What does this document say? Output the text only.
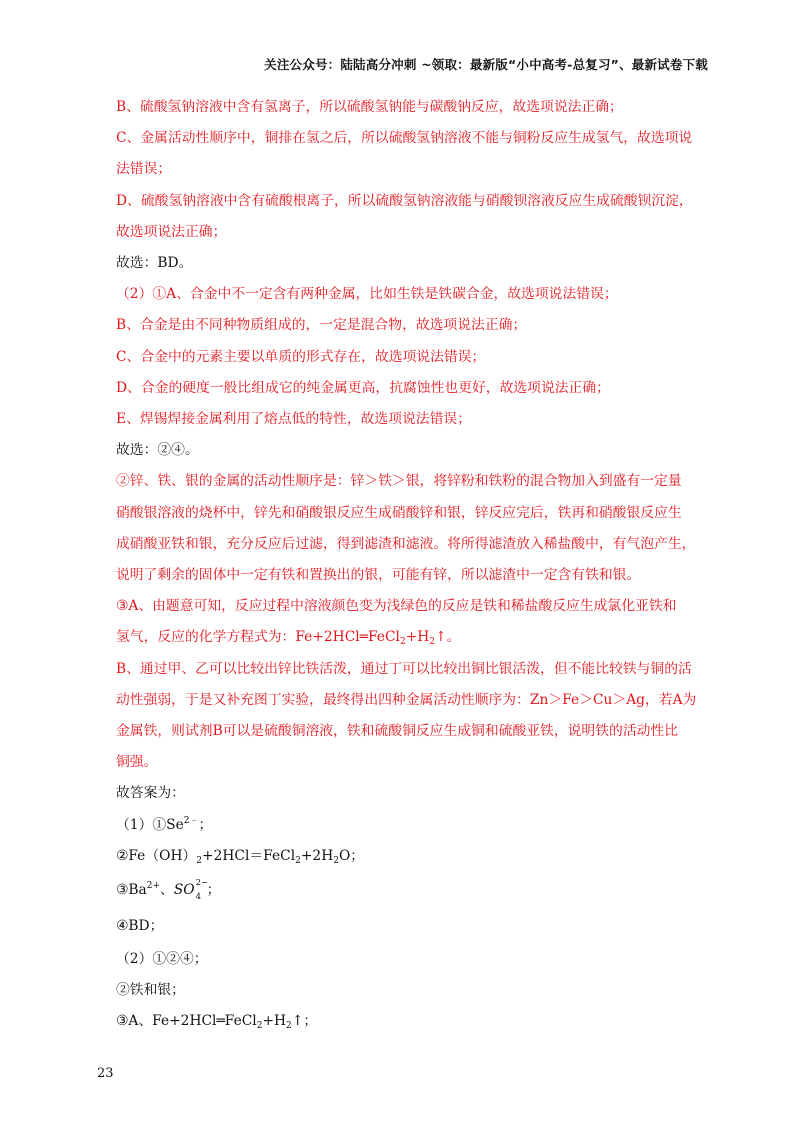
关注公众号：陆陆高分冲刺 ~领取：最新版“小中高考-总复习”、最新试卷下载

B、硫酸氢钠溶液中含有氢离子，所以硫酸氢钠能与碳酸钠反应，故选项说法正确；

C、金属活动性顺序中，铜排在氢之后，所以硫酸氢钠溶液不能与铜粉反应生成氢气，故选项说

法错误；

D、硫酸氢钠溶液中含有硫酸根离子，所以硫酸氢钠溶液能与硝酸钡溶液反应生成硫酸钡沉淀，

故选项说法正确；

故选：BD。

（2）①A、合金中不一定含有两种金属，比如生铁是铁碳合金，故选项说法错误；

B、合金是由不同种物质组成的，一定是混合物，故选项说法正确；

C、合金中的元素主要以单质的形式存在，故选项说法错误；

D、合金的硬度一般比组成它的纯金属更高，抗腐蚀性也更好，故选项说法正确；

E、焊锡焊接金属利用了熔点低的特性，故选项说法错误；

故选：②④。

②锌、铁、银的金属的活动性顺序是：锌＞铁＞银，将锌粉和铁粉的混合物加入到盛有一定量

硝酸银溶液的烧杯中，锌先和硝酸银反应生成硝酸锌和银，锌反应完后，铁再和硝酸银反应生

成硝酸亚铁和银，充分反应后过滤，得到滤渣和滤液。将所得滤渣放入稀盐酸中，有气泡产生，

说明了剩余的固体中一定有铁和置换出的银，可能有锌，所以滤渣中一定含有铁和银。

③A、由题意可知，反应过程中溶液颜色变为浅绿色的反应是铁和稀盐酸反应生成氯化亚铁和

氢气，反应的化学方程式为：$Fe+2HCl═FeCl_2+H_2↑$。

B、通过甲、乙可以比较出锌比铁活泼，通过丁可以比较出铜比银活泼，但不能比较铁与铜的活

动性强弱，于是又补充图丁实验，最终得出四种金属活动性顺序为：Zn＞Fe＞Cu＞Ag，若A为

金属铁，则试剂B可以是硫酸铜溶液，铁和硫酸铜反应生成铜和硫酸亚铁，说明铁的活动性比

铜强。

故答案为：

$(1)①Se^{2﹣}$；

$②Fe(OH)_2+2HCl=FeCl_2+2H_2O$；

$③Ba^{2+}$、SO 2−
4 ；

④BD；

（2）①②④；

②铁和银；

③A、$Fe+2HCl═FeCl_2+H_2↑$；

23
